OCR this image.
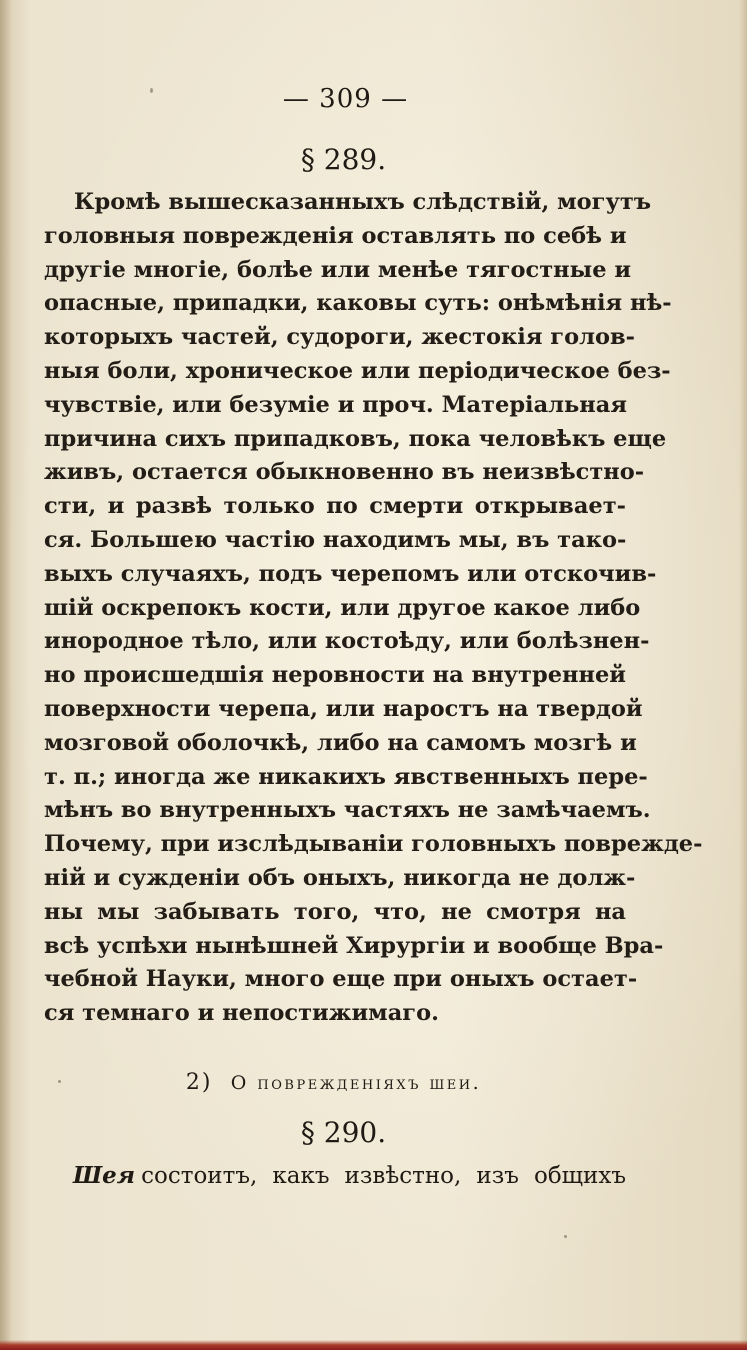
— 309 —
§ 289.
Кромѣ вышесказанныхъ слѣдствій, могутъ
головныя поврежденія оставлять по себѣ и
другіе многіе, болѣе или менѣе тягостные и
опасные, припадки, каковы суть: онѣмѣнія нѣ-
которыхъ частей, судороги, жестокія голов-
ныя боли, хроническое или періодическое без-
чувствіе, или безуміе и проч. Матеріальная
причина сихъ припадковъ, пока человѣкъ еще
живъ, остается обыкновенно въ неизвѣстно-
сти, и развѣ только по смерти открывает-
ся. Большею частію находимъ мы, въ тако-
выхъ случаяхъ, подъ черепомъ или отскочив-
шій оскрепокъ кости, или другое какое либо
инородное тѣло, или костоѣду, или болѣзнен-
но происшедшія неровности на внутренней
поверхности черепа, или наростъ на твердой
мозговой оболочкѣ, либо на самомъ мозгѣ и
т. п.; иногда же никакихъ явственныхъ пере-
мѣнъ во внутренныхъ частяхъ не замѣчаемъ.
Почему, при изслѣдываніи головныхъ поврежде-
ній и сужденіи объ оныхъ, никогда не долж-
ны мы забывать того, что, не смотря на
всѣ успѣхи нынѣшней Хирургіи и вообще Вра-
чебной Науки, много еще при оныхъ остает-
ся темнаго и непостижимаго.
2) О поврежденіяхъ шеи.
§ 290.
Шея состоитъ, какъ извѣстно, изъ общихъ
